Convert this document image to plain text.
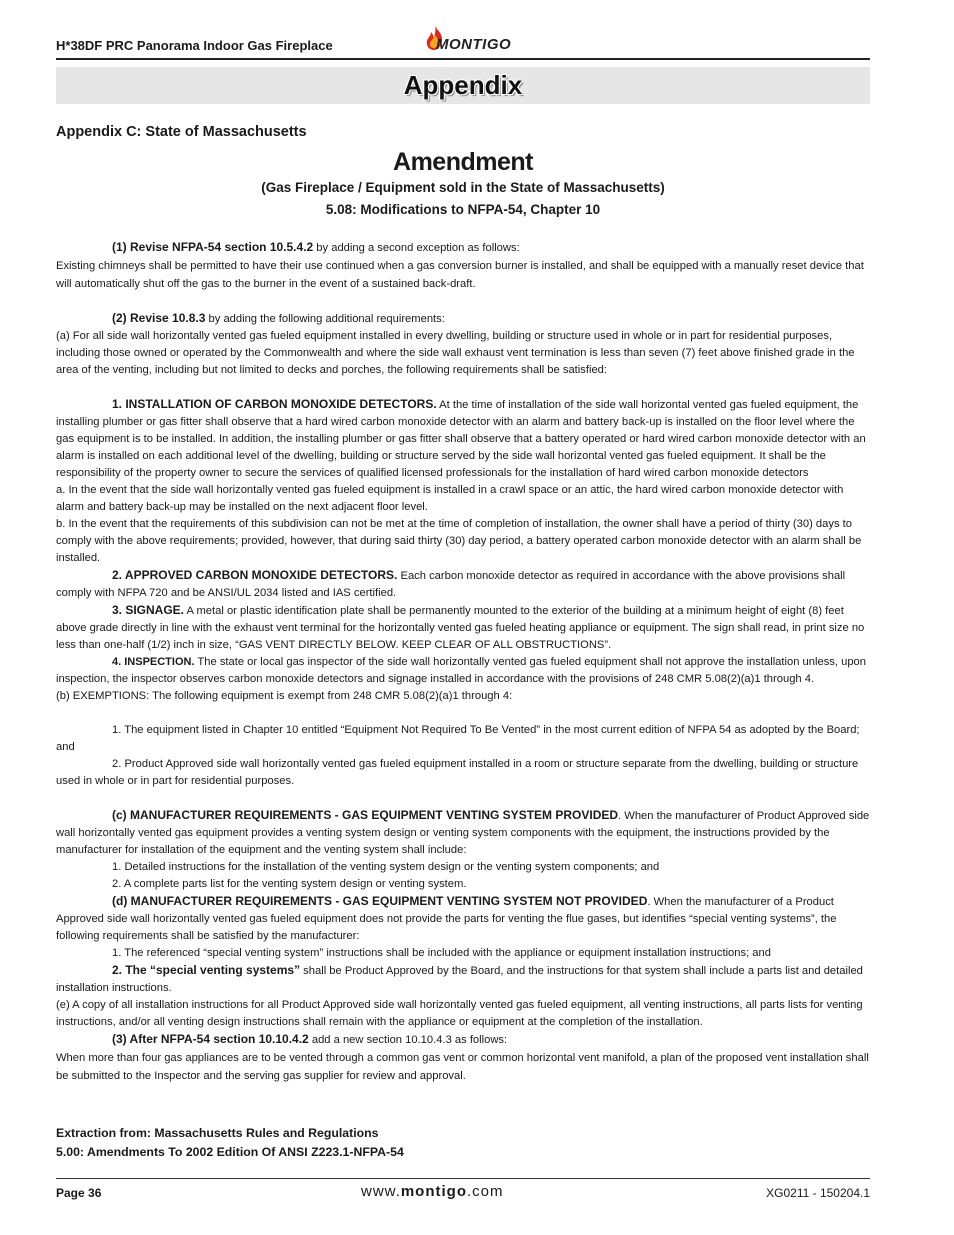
H*38DF PRC Panorama Indoor Gas Fireplace	MONTIGO
Appendix
Appendix C: State of Massachusetts
Amendment
(Gas Fireplace / Equipment sold in the State of Massachusetts)
5.08: Modifications to NFPA-54, Chapter 10

(1) Revise NFPA-54 section 10.5.4.2 by adding a second exception as follows:

Existing chimneys shall be permitted to have their use continued when a gas conversion burner is installed, and shall be equipped with a manually reset device that will automatically shut off the gas to the burner in the event of a sustained back-draft.

(2) Revise 10.8.3 by adding the following additional requirements:

(a) For all side wall horizontally vented gas fueled equipment installed in every dwelling, building or structure used in whole or in part for residential purposes, including those owned or operated by the Commonwealth and where the side wall exhaust vent termination is less than seven (7) feet above finished grade in the area of the venting, including but not limited to decks and porches, the following requirements shall be satisfied:

1. INSTALLATION OF CARBON MONOXIDE DETECTORS. At the time of installation of the side wall horizontal vented gas fueled equipment, the installing plumber or gas fitter shall observe that a hard wired carbon monoxide detector with an alarm and battery back-up is installed on the floor level where the gas equipment is to be installed. In addition, the installing plumber or gas fitter shall observe that a battery operated or hard wired carbon monoxide detector with an alarm is installed on each additional level of the dwelling, building or structure served by the side wall horizontal vented gas fueled equipment. It shall be the responsibility of the property owner to secure the services of qualified licensed professionals for the installation of hard wired carbon monoxide detectors

a. In the event that the side wall horizontally vented gas fueled equipment is installed in a crawl space or an attic, the hard wired carbon monoxide detector with alarm and battery back-up may be installed on the next adjacent floor level.

b. In the event that the requirements of this subdivision can not be met at the time of completion of installation, the owner shall have a period of thirty (30) days to comply with the above requirements; provided, however, that during said thirty (30) day period, a battery operated carbon monoxide detector with an alarm shall be installed.

2. APPROVED CARBON MONOXIDE DETECTORS. Each carbon monoxide detector as required in accordance with the above provisions shall comply with NFPA 720 and be ANSI/UL 2034 listed and IAS certified.

3. SIGNAGE. A metal or plastic identification plate shall be permanently mounted to the exterior of the building at a minimum height of eight (8) feet above grade directly in line with the exhaust vent terminal for the horizontally vented gas fueled heating appliance or equipment. The sign shall read, in print size no less than one-half (1/2) inch in size, “GAS VENT DIRECTLY BELOW. KEEP CLEAR OF ALL OBSTRUCTIONS”.

4. INSPECTION. The state or local gas inspector of the side wall horizontally vented gas fueled equipment shall not approve the installation unless, upon inspection, the inspector observes carbon monoxide detectors and signage installed in accordance with the provisions of 248 CMR 5.08(2)(a)1 through 4.

(b) EXEMPTIONS: The following equipment is exempt from 248 CMR 5.08(2)(a)1 through 4:

1. The equipment listed in Chapter 10 entitled “Equipment Not Required To Be Vented” in the most current edition of NFPA 54 as adopted by the Board; and

2. Product Approved side wall horizontally vented gas fueled equipment installed in a room or structure separate from the dwelling, building or structure used in whole or in part for residential purposes.

(c) MANUFACTURER REQUIREMENTS - GAS EQUIPMENT VENTING SYSTEM PROVIDED. When the manufacturer of Product Approved side wall horizontally vented gas equipment provides a venting system design or venting system components with the equipment, the instructions provided by the manufacturer for installation of the equipment and the venting system shall include:

1. Detailed instructions for the installation of the venting system design or the venting system components; and

2. A complete parts list for the venting system design or venting system.

(d) MANUFACTURER REQUIREMENTS - GAS EQUIPMENT VENTING SYSTEM NOT PROVIDED. When the manufacturer of a Product Approved side wall horizontally vented gas fueled equipment does not provide the parts for venting the flue gases, but identifies “special venting systems”, the following requirements shall be satisfied by the manufacturer:

1. The referenced “special venting system” instructions shall be included with the appliance or equipment installation instructions; and

2. The “special venting systems” shall be Product Approved by the Board, and the instructions for that system shall include a parts list and detailed installation instructions.

(e) A copy of all installation instructions for all Product Approved side wall horizontally vented gas fueled equipment, all venting instructions, all parts lists for venting instructions, and/or all venting design instructions shall remain with the appliance or equipment at the completion of the installation.

(3) After NFPA-54 section 10.10.4.2 add a new section 10.10.4.3 as follows:

When more than four gas appliances are to be vented through a common gas vent or common horizontal vent manifold, a plan of the proposed vent installation shall be submitted to the Inspector and the serving gas supplier for review and approval.

Extraction from: Massachusetts Rules and Regulations
5.00: Amendments To 2002 Edition Of ANSI Z223.1-NFPA-54
Page 36	www.montigo.com	XG0211 - 150204.1
